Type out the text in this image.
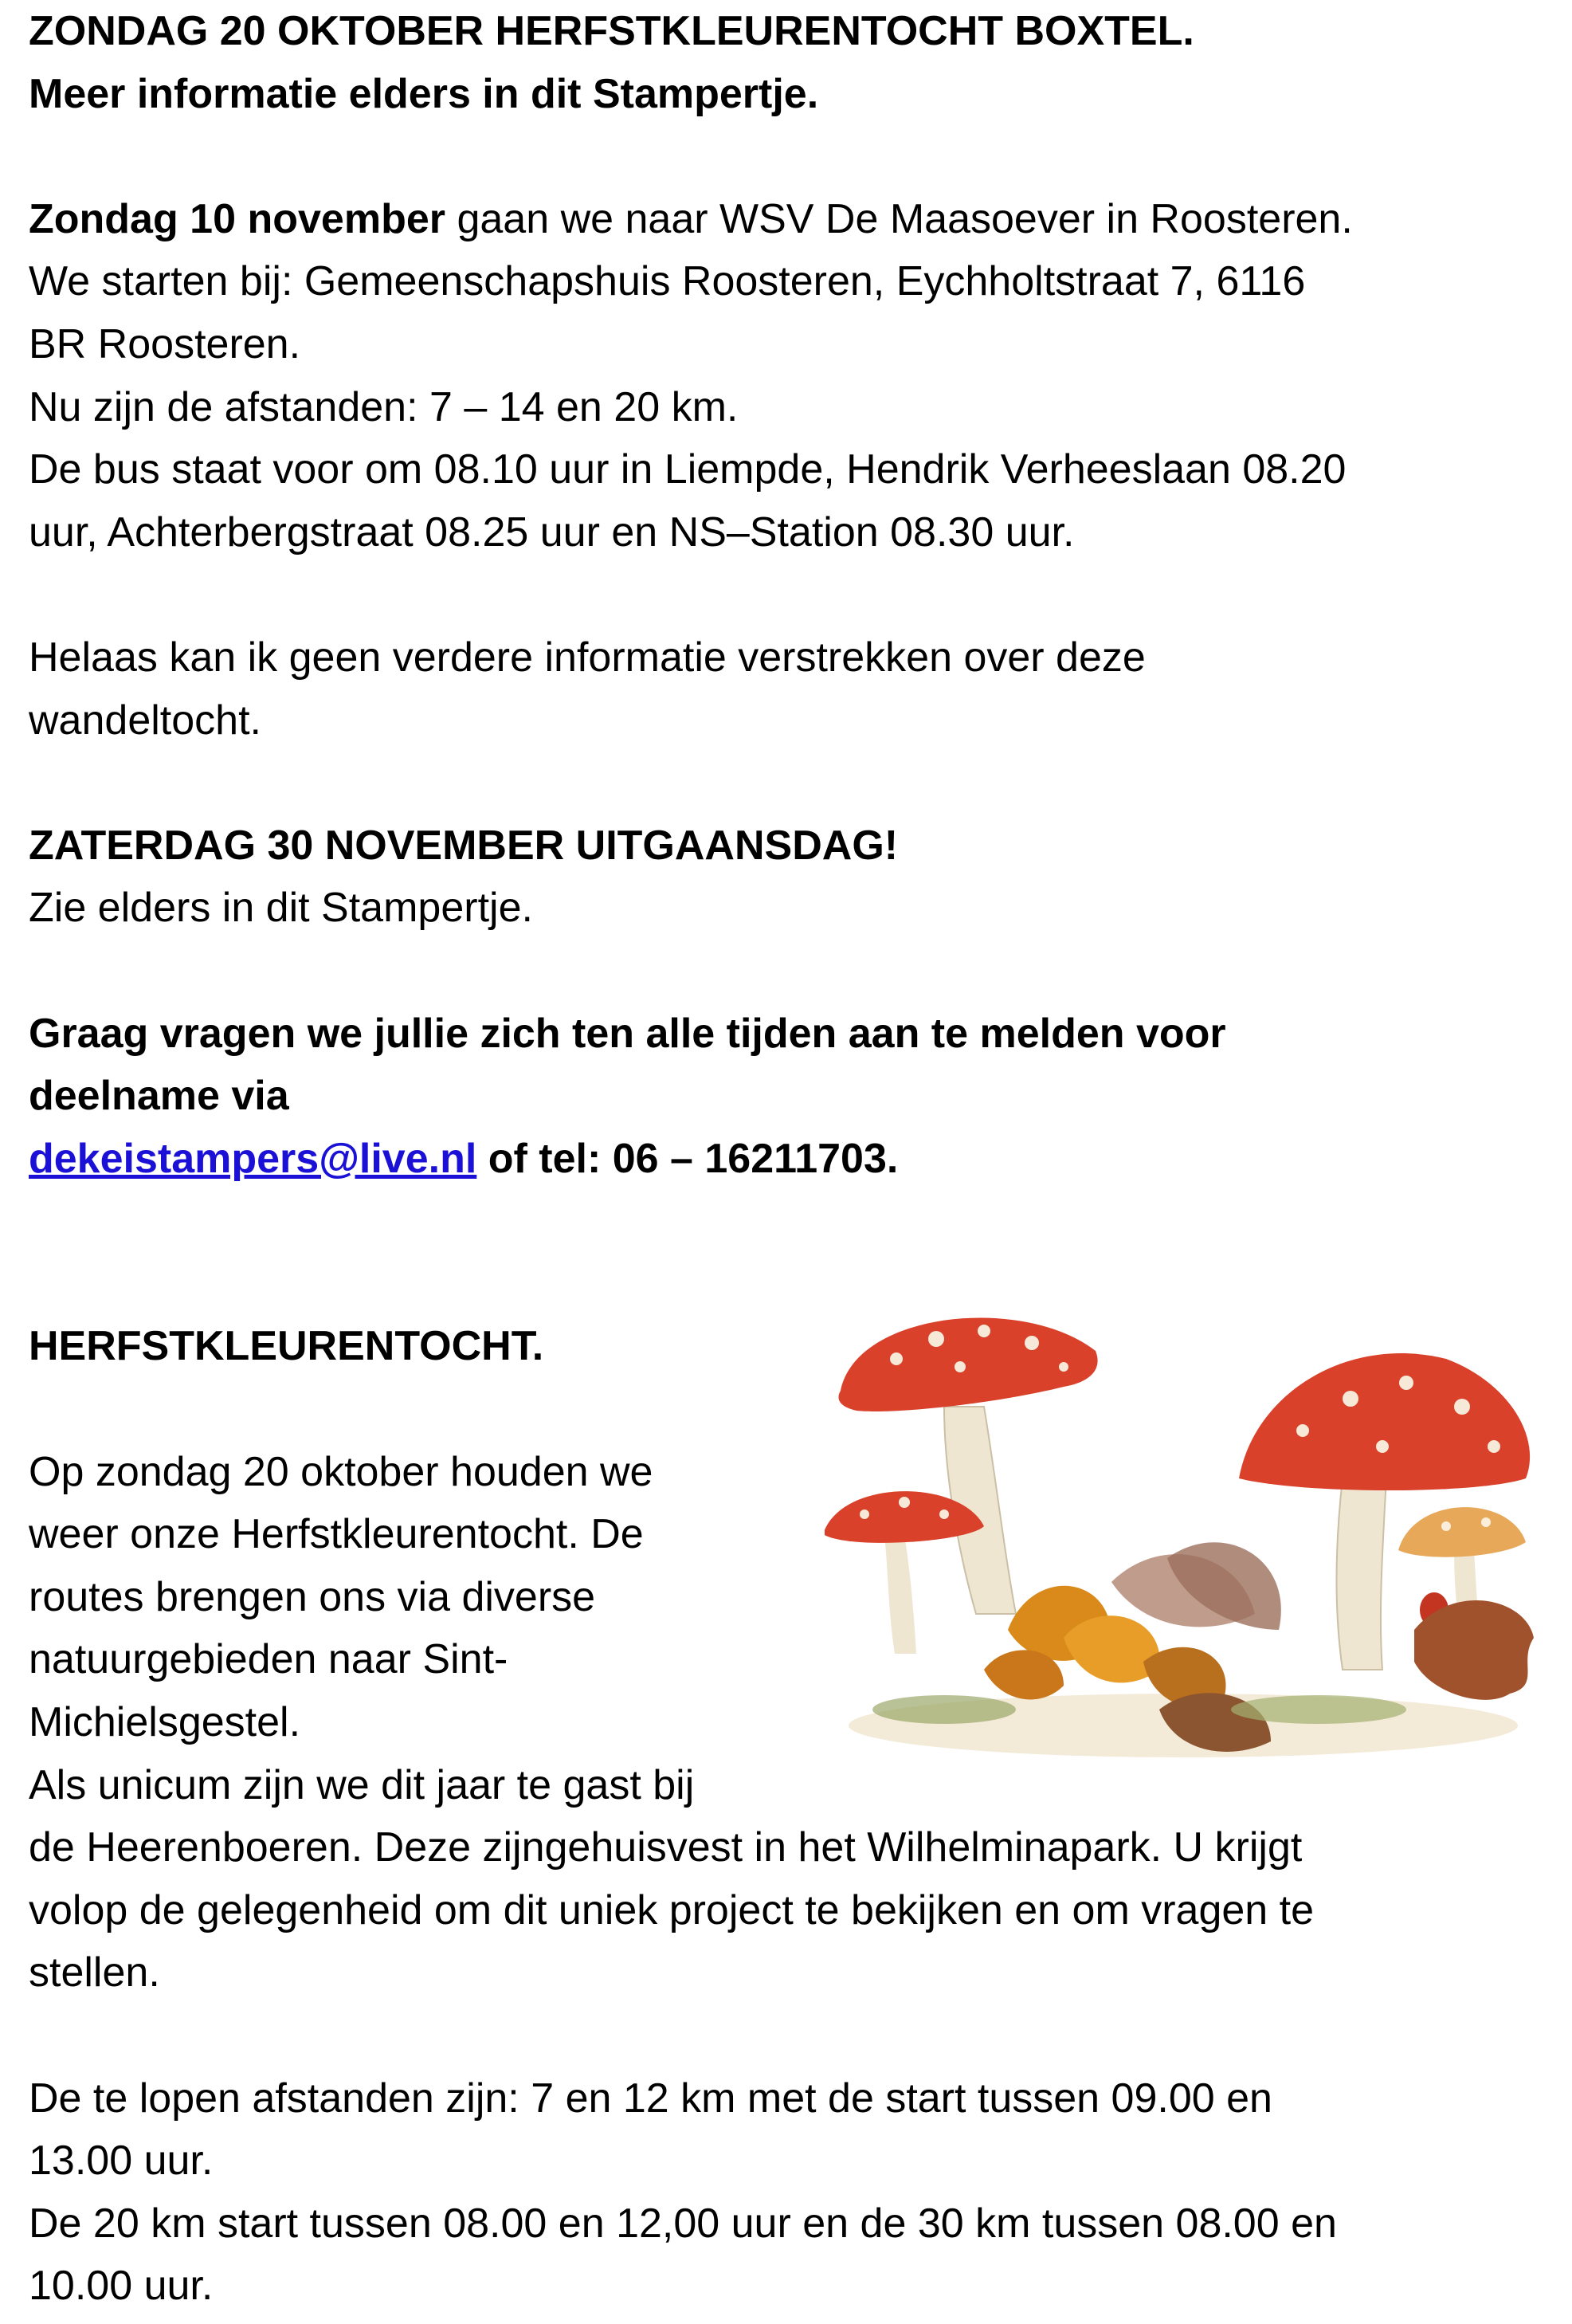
ZONDAG 20 OKTOBER HERFSTKLEURENTOCHT BOXTEL.

Meer informatie elders in dit Stampertje.

Zondag 10 november gaan we naar WSV De Maasoever in Roosteren.

We starten bij: Gemeenschapshuis Roosteren, Eychholtstraat 7, 6116

BR Roosteren.

Nu zijn de afstanden: 7 – 14 en 20 km.

De bus staat voor om 08.10 uur in Liempde, Hendrik Verheeslaan 08.20

uur, Achterbergstraat 08.25 uur en NS–Station 08.30 uur.

Helaas kan ik geen verdere informatie verstrekken over deze

wandeltocht.

ZATERDAG 30 NOVEMBER UITGAANSDAG!

Zie elders in dit Stampertje.

Graag vragen we jullie zich ten alle tijden aan te melden voor

deelname via

dekeistampers@live.nl of tel: 06 – 16211703.

HERFSTKLEURENTOCHT.

Op zondag 20 oktober houden we

weer onze Herfstkleurentocht. De

routes brengen ons via diverse

natuurgebieden naar Sint-

Michielsgestel.

Als unicum zijn we dit jaar te gast bij

de Heerenboeren. Deze zijngehuisvest in het Wilhelminapark. U krijgt

volop de gelegenheid om dit uniek project te bekijken en om vragen te

stellen.

De te lopen afstanden zijn: 7 en 12 km met de start tussen 09.00 en

13.00 uur.

De 20 km start tussen 08.00 en 12,00 uur en de 30 km tussen 08.00 en

10.00 uur.
